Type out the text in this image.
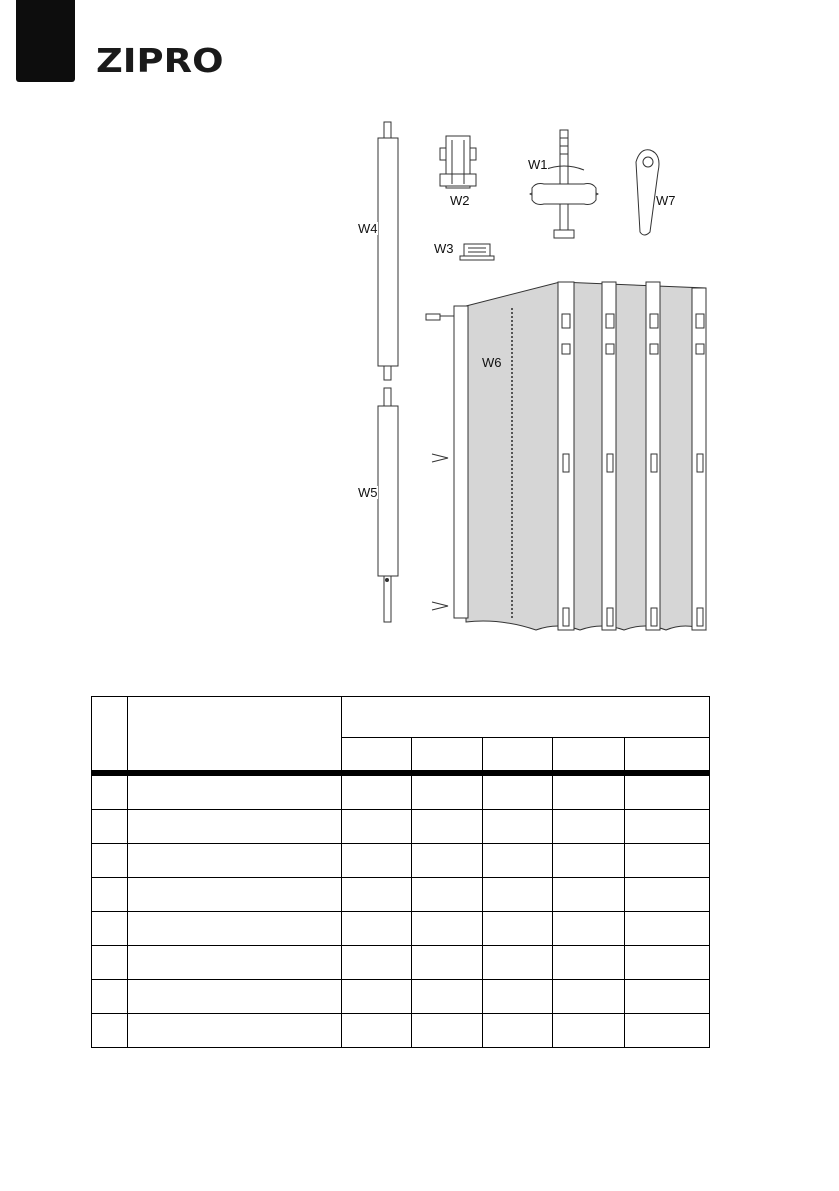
ZIPRO
W1
W2
W3
W4
W5
W6
W7
